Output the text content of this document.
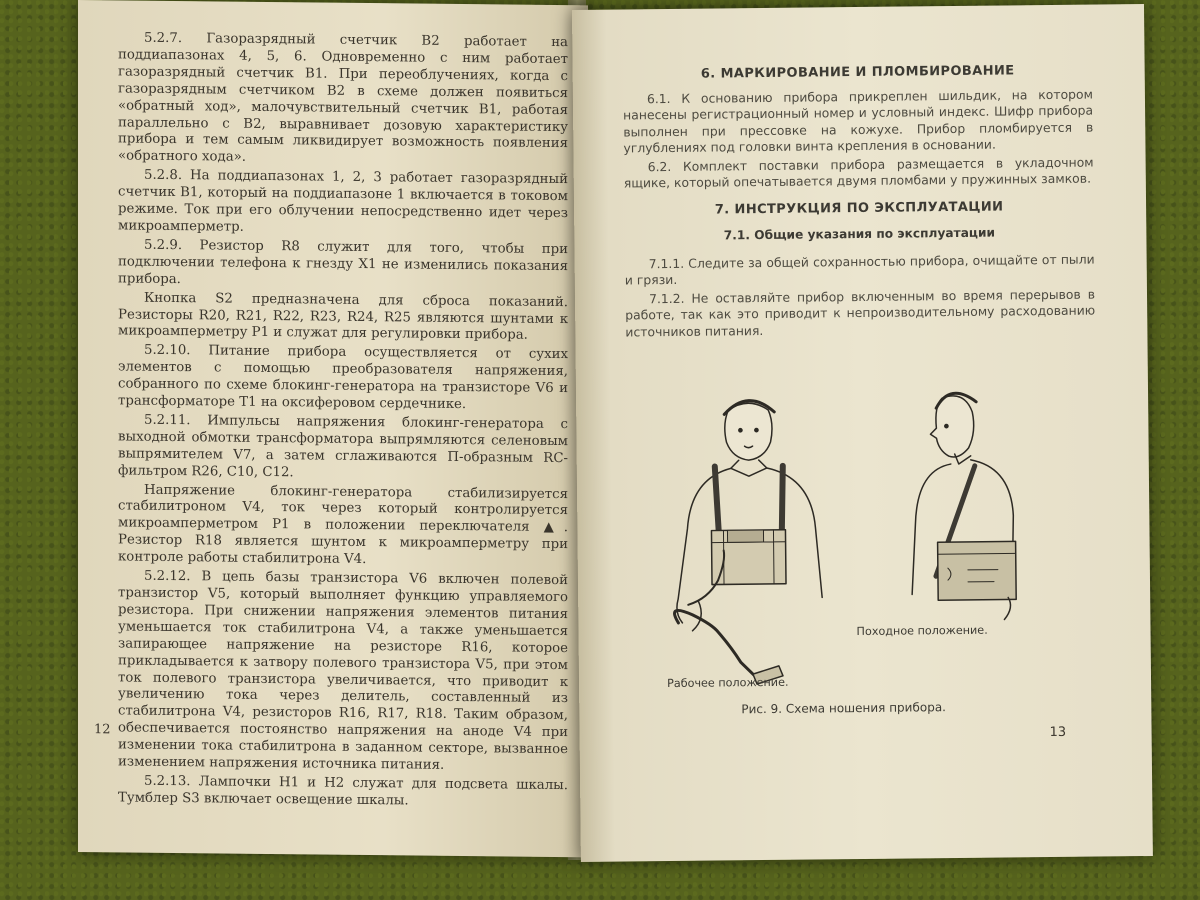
5.2.7. Газоразрядный счетчик В2 работает на поддиапазонах 4, 5, 6. Одновременно с ним работает газоразрядный счетчик В1. При переоблучениях, когда с газоразрядным счетчиком В2 в схеме должен появиться «обратный ход», малочувствительный счетчик В1, работая параллельно с В2, выравнивает дозовую характеристику прибора и тем самым ликвидирует возможность появления «обратного хода».

5.2.8. На поддиапазонах 1, 2, 3 работает газоразрядный счетчик В1, который на поддиапазоне 1 включается в токовом режиме. Ток при его облучении непосредственно идет через микроамперметр.

5.2.9. Резистор R8 служит для того, чтобы при подключении телефона к гнезду Х1 не изменились показания прибора.

Кнопка S2 предназначена для сброса показаний. Резисторы R20, R21, R22, R23, R24, R25 являются шунтами к микроамперметру Р1 и служат для регулировки прибора.

5.2.10. Питание прибора осуществляется от сухих элементов с помощью преобразователя напряжения, собранного по схеме блокинг-генератора на транзисторе V6 и трансформаторе Т1 на оксиферовом сердечнике.

5.2.11. Импульсы напряжения блокинг-генератора с выходной обмотки трансформатора выпрямляются селеновым выпрямителем V7, а затем сглаживаются П-образным RC-фильтром R26, C10, C12.

Напряжение блокинг-генератора стабилизируется стабилитроном V4, ток через который контролируется микроамперметром Р1 в положении переключателя ▲. Резистор R18 является шунтом к микроамперметру при контроле работы стабилитрона V4.

5.2.12. В цепь базы транзистора V6 включен полевой транзистор V5, который выполняет функцию управляемого резистора. При снижении напряжения элементов питания уменьшается ток стабилитрона V4, а также уменьшается запирающее напряжение на резисторе R16, которое прикладывается к затвору полевого транзистора V5, при этом ток полевого транзистора увеличивается, что приводит к увеличению тока через делитель, составленный из стабилитрона V4, резисторов R16, R17, R18. Таким образом, обеспечивается постоянство напряжения на аноде V4 при изменении тока стабилитрона в заданном секторе, вызванное изменением напряжения источника питания.

5.2.13. Лампочки Н1 и Н2 служат для подсвета шкалы. Тумблер S3 включает освещение шкалы.

12
6. МАРКИРОВАНИЕ И ПЛОМБИРОВАНИЕ

6.1. К основанию прибора прикреплен шильдик, на котором нанесены регистрационный номер и условный индекс. Шифр прибора выполнен при прессовке на кожухе. Прибор пломбируется в углублениях под головки винта крепления в основании.

6.2. Комплект поставки прибора размещается в укладочном ящике, который опечатывается двумя пломбами у пружинных замков.

7. ИНСТРУКЦИЯ ПО ЭКСПЛУАТАЦИИ
7.1. Общие указания по эксплуатации

7.1.1. Следите за общей сохранностью прибора, очищайте от пыли и грязи.

7.1.2. Не оставляйте прибор включенным во время перерывов в работе, так как это приводит к непроизводительному расходованию источников питания.

Походное положение.
Рабочее положение.
Рис. 9. Схема ношения прибора.
13
